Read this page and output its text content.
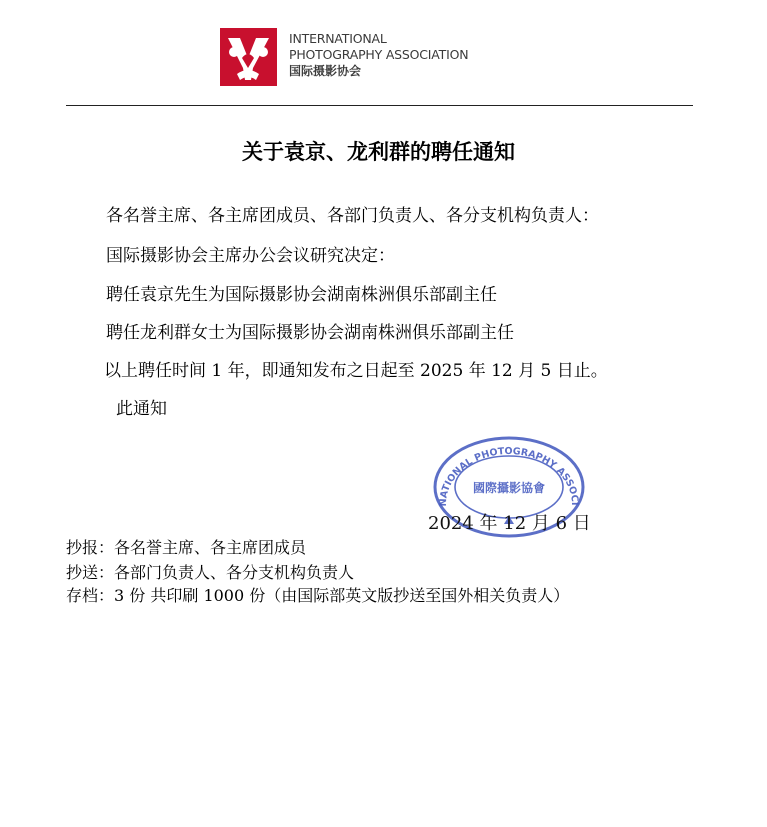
INTERNATIONAL
PHOTOGRAPHY ASSOCIATION
国际摄影协会
关于袁京、龙利群的聘任通知
各名誉主席、各主席团成员、各部门负责人、各分支机构负责人：
国际摄影协会主席办公会议研究决定：
聘任袁京先生为国际摄影协会湖南株洲俱乐部副主任
聘任龙利群女士为国际摄影协会湖南株洲俱乐部副主任
以上聘任时间 1 年，即通知发布之日起至 2025 年 12 月 5 日止。
此通知
NATIONAL PHOTOGRAPHY ASSOCI
國際攝影協會
2024 年 12 月 6 日
抄报：各名誉主席、各主席团成员
抄送：各部门负责人、各分支机构负责人
存档：3 份 共印刷 1000 份（由国际部英文版抄送至国外相关负责人）
